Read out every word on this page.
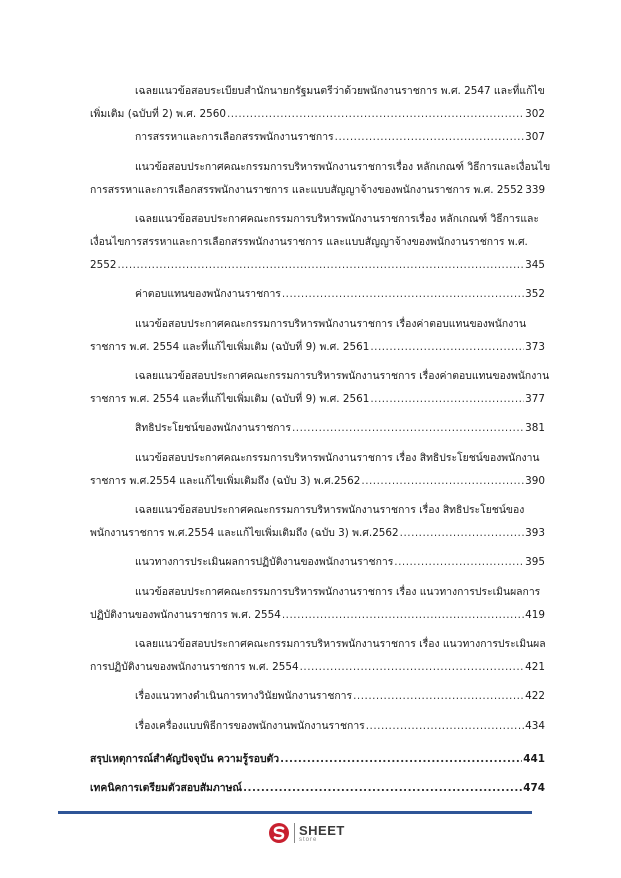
เฉลยแนวข้อสอบระเบียบสำนักนายกรัฐมนตรีว่าด้วยพนักงานราชการ พ.ศ. 2547 และที่แก้ไข
เพิ่มเติม (ฉบับที่ 2) พ.ศ. 2560 .....	302
การสรรหาและการเลือกสรรพนักงานราชการ .....	307
แนวข้อสอบประกาศคณะกรรมการบริหารพนักงานราชการเรื่อง หลักเกณฑ์ วิธีการและเงื่อนไข
การสรรหาและการเลือกสรรพนักงานราชการ และแบบสัญญาจ้างของพนักงานราชการ พ.ศ. 2552 339
เฉลยแนวข้อสอบประกาศคณะกรรมการบริหารพนักงานราชการเรื่อง หลักเกณฑ์ วิธีการและ
เงื่อนไขการสรรหาและการเลือกสรรพนักงานราชการ และแบบสัญญาจ้างของพนักงานราชการ พ.ศ.
2552 .....	345
ค่าตอบแทนของพนักงานราชการ .....	352
แนวข้อสอบประกาศคณะกรรมการบริหารพนักงานราชการ เรื่องค่าตอบแทนของพนักงาน
ราชการ พ.ศ. 2554 และที่แก้ไขเพิ่มเติม (ฉบับที่ 9) พ.ศ. 2561 .....	373
เฉลยแนวข้อสอบประกาศคณะกรรมการบริหารพนักงานราชการ เรื่องค่าตอบแทนของพนักงาน
ราชการ พ.ศ. 2554 และที่แก้ไขเพิ่มเติม (ฉบับที่ 9) พ.ศ. 2561 .....	377
สิทธิประโยชน์ของพนักงานราชการ .....	381
แนวข้อสอบประกาศคณะกรรมการบริหารพนักงานราชการ เรื่อง สิทธิประโยชน์ของพนักงาน
ราชการ พ.ศ.2554 และแก้ไขเพิ่มเติมถึง (ฉบับ 3) พ.ศ.2562 .....	390
เฉลยแนวข้อสอบประกาศคณะกรรมการบริหารพนักงานราชการ เรื่อง สิทธิประโยชน์ของ
พนักงานราชการ พ.ศ.2554 และแก้ไขเพิ่มเติมถึง (ฉบับ 3) พ.ศ.2562 .....	393
แนวทางการประเมินผลการปฏิบัติงานของพนักงานราชการ .....	395
แนวข้อสอบประกาศคณะกรรมการบริหารพนักงานราชการ เรื่อง แนวทางการประเมินผลการ
ปฏิบัติงานของพนักงานราชการ พ.ศ. 2554 .....	419
เฉลยแนวข้อสอบประกาศคณะกรรมการบริหารพนักงานราชการ เรื่อง แนวทางการประเมินผล
การปฏิบัติงานของพนักงานราชการ พ.ศ. 2554 .....	421
เรื่องแนวทางดำเนินการทางวินัยพนักงานราชการ .....	422
เรื่องเครื่องแบบพิธีการของพนักงานพนักงานราชการ .....	434
สรุปเหตุการณ์สำคัญปัจจุบัน ความรู้รอบตัว .....	441
เทคนิคการเตรียมตัวสอบสัมภาษณ์ .....	474
SHEET
store
